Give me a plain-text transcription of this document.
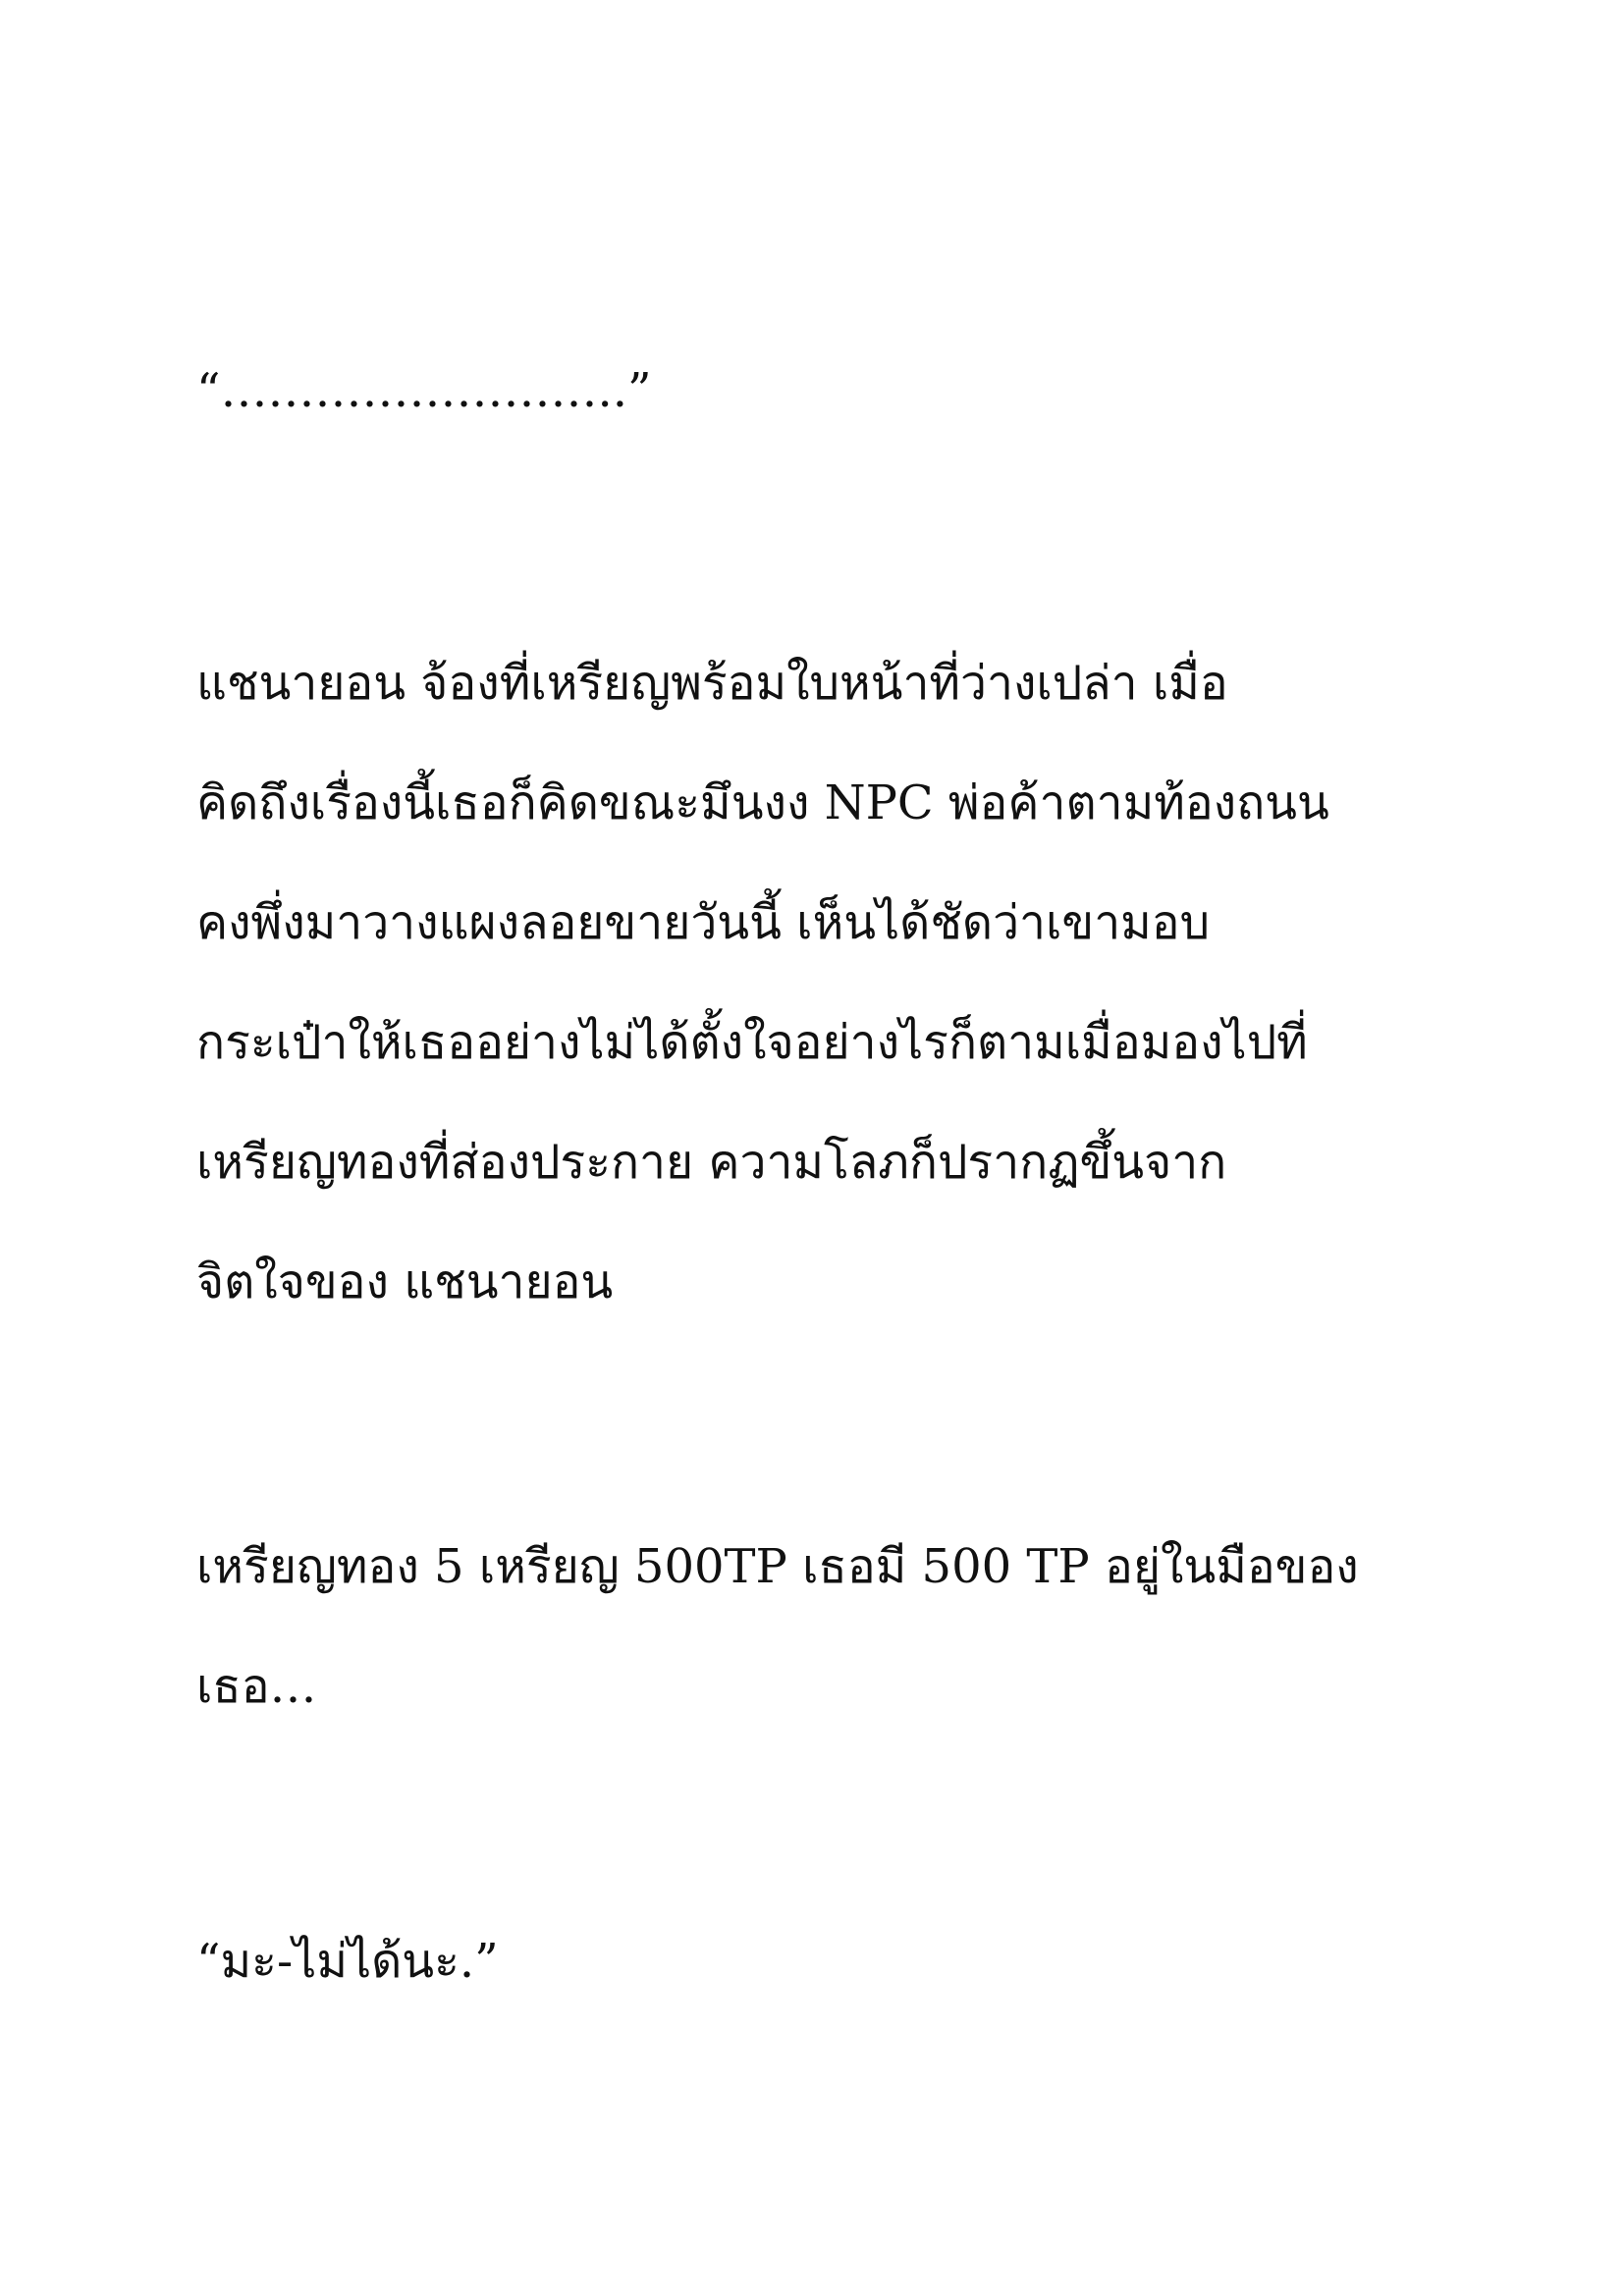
“……………………..”
แชนายอน จ้องที่เหรียญพร้อมใบหน้าที่ว่างเปล่า เมื่อ
คิดถึงเรื่องนี้เธอก็คิดขณะมึนงง NPC พ่อค้าตามท้องถนน
คงพึ่งมาวางแผงลอยขายวันนี้ เห็นได้ชัดว่าเขามอบ
กระเป๋าให้เธออย่างไม่ได้ตั้งใจอย่างไรก็ตามเมื่อมองไปที่
เหรียญทองที่ส่องประกาย ความโลภก็ปรากฏขึ้นจาก
จิตใจของ แชนายอน
เหรียญทอง 5 เหรียญ 500TP เธอมี 500 TP อยู่ในมือของ
เธอ…
“มะ-ไม่ได้นะ.”
